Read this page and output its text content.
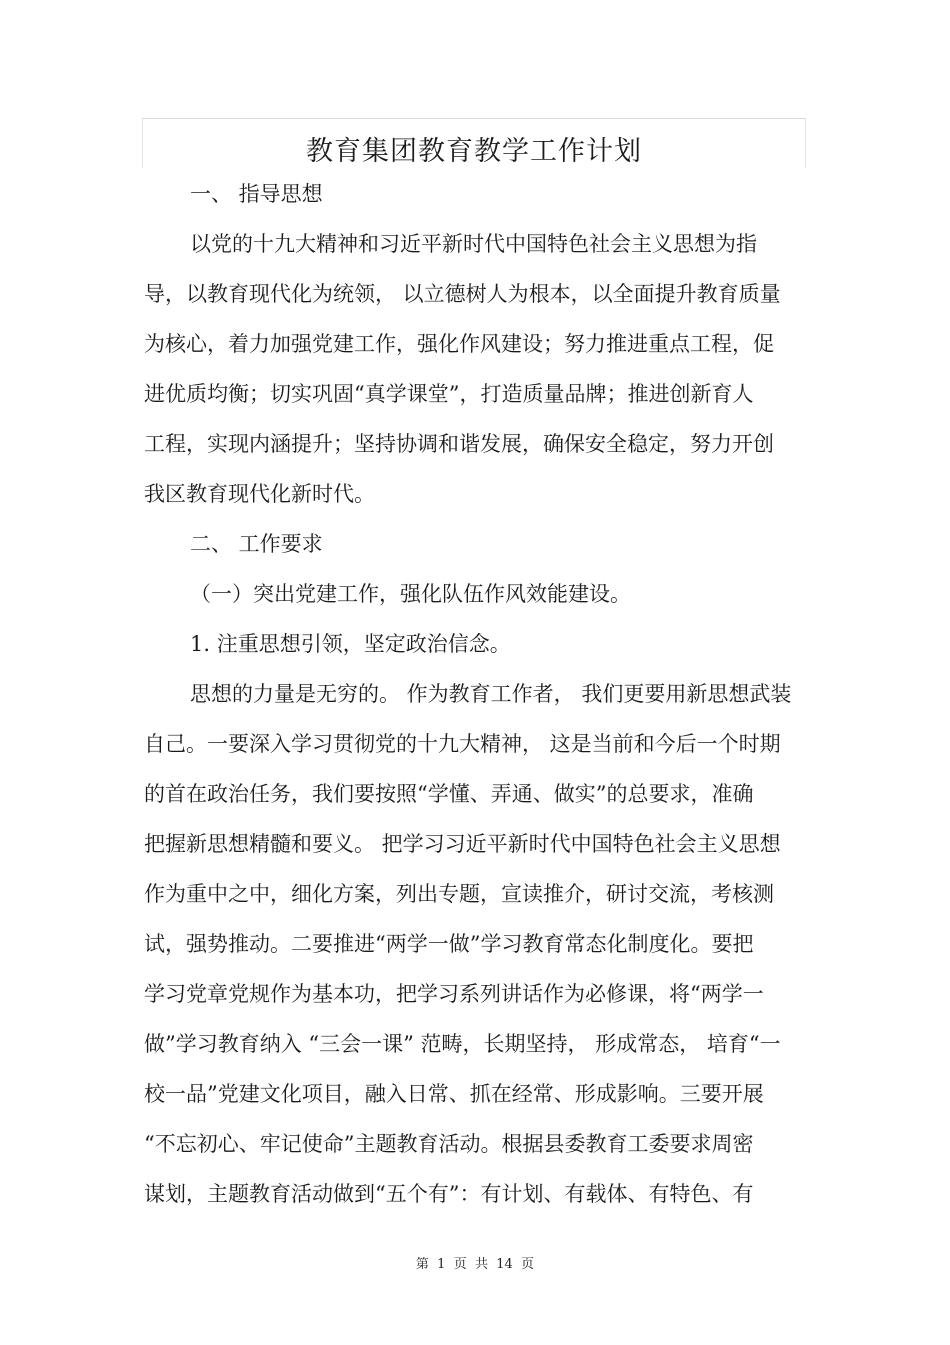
教育集团教育教学工作计划
一、 指导思想
以党的十九大精神和习近平新时代中国特色社会主义思想为指
导，以教育现代化为统领， 以立德树人为根本，以全面提升教育质量
为核心，着力加强党建工作，强化作风建设；努力推进重点工程，促
进优质均衡；切实巩固“真学课堂”，打造质量品牌；推进创新育人
工程，实现内涵提升；坚持协调和谐发展，确保安全稳定，努力开创
我区教育现代化新时代。
二、 工作要求
（一）突出党建工作，强化队伍作风效能建设。
1. 注重思想引领，坚定政治信念。
思想的力量是无穷的。 作为教育工作者， 我们更要用新思想武装
自己。一要深入学习贯彻党的十九大精神， 这是当前和今后一个时期
的首在政治任务，我们要按照“学懂、弄通、做实”的总要求，准确
把握新思想精髓和要义。 把学习习近平新时代中国特色社会主义思想
作为重中之中，细化方案，列出专题，宣读推介，研讨交流，考核测
试，强势推动。二要推进“两学一做”学习教育常态化制度化。要把
学习党章党规作为基本功，把学习系列讲话作为必修课，将“两学一
做”学习教育纳入 “三会一课” 范畴，长期坚持， 形成常态， 培育“一
校一品”党建文化项目，融入日常、抓在经常、形成影响。三要开展
“不忘初心、牢记使命”主题教育活动。根据县委教育工委要求周密
谋划，主题教育活动做到“五个有”：有计划、有载体、有特色、有
第  1  页  共  14  页
